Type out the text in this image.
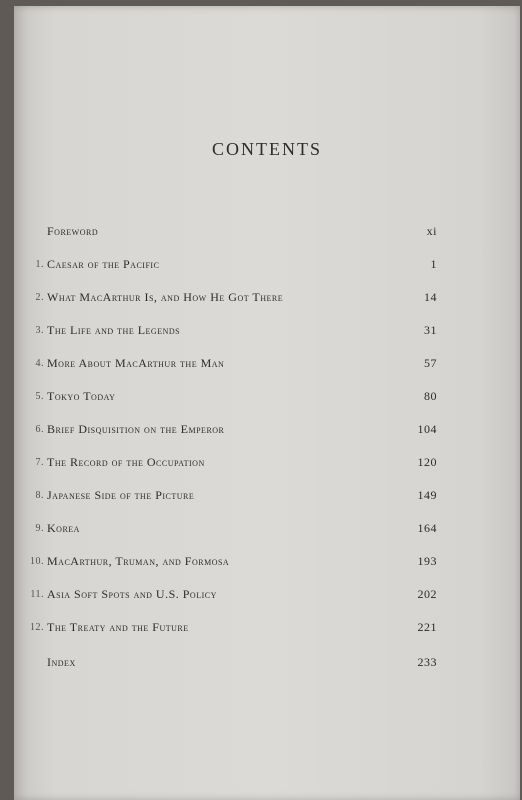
CONTENTS
Foreword	xi
1. Caesar of the Pacific	1
2. What MacArthur Is, and How He Got There	14
3. The Life and the Legends	31
4. More About MacArthur the Man	57
5. Tokyo Today	80
6. Brief Disquisition on the Emperor	104
7. The Record of the Occupation	120
8. Japanese Side of the Picture	149
9. Korea	164
10. MacArthur, Truman, and Formosa	193
11. Asia Soft Spots and U.S. Policy	202
12. The Treaty and the Future	221
Index	233
